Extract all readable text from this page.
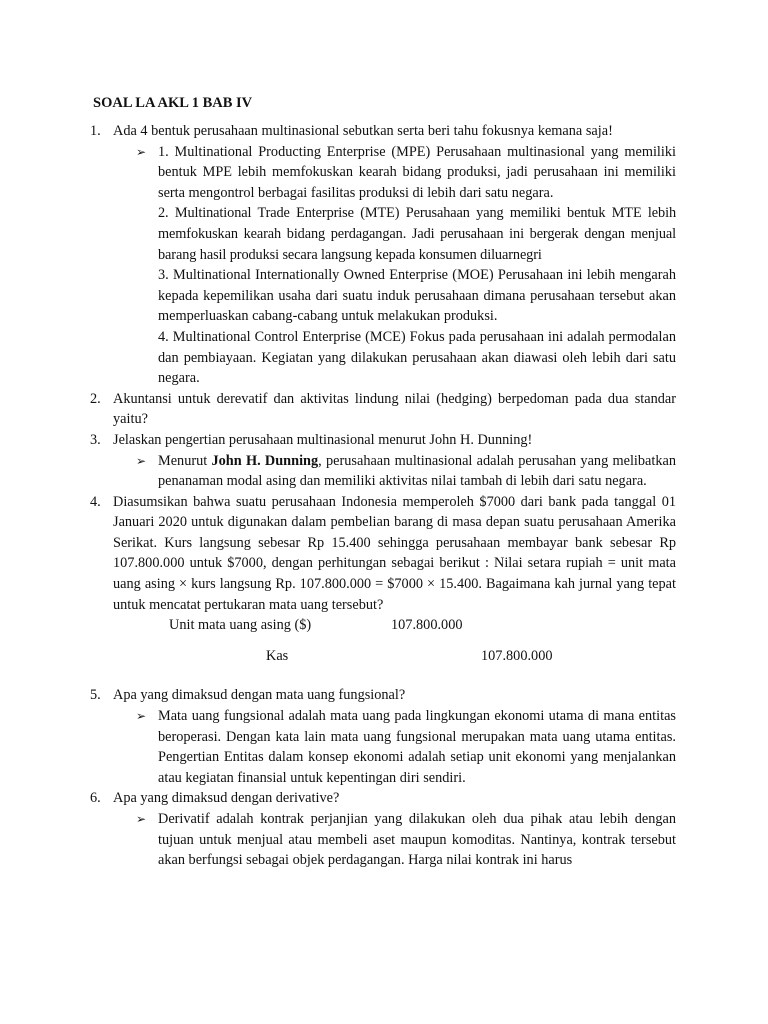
SOAL LA AKL 1 BAB IV
1. Ada 4 bentuk perusahaan multinasional sebutkan serta beri tahu fokusnya kemana saja!
➢ 1. Multinational Producting Enterprise (MPE) Perusahaan multinasional yang memiliki bentuk MPE lebih memfokuskan kearah bidang produksi, jadi perusahaan ini memiliki serta mengontrol berbagai fasilitas produksi di lebih dari satu negara.
2. Multinational Trade Enterprise (MTE) Perusahaan yang memiliki bentuk MTE lebih memfokuskan kearah bidang perdagangan. Jadi perusahaan ini bergerak dengan menjual barang hasil produksi secara langsung kepada konsumen diluarnegri
3. Multinational Internationally Owned Enterprise (MOE) Perusahaan ini lebih mengarah kepada kepemilikan usaha dari suatu induk perusahaan dimana perusahaan tersebut akan memperluaskan cabang-cabang untuk melakukan produksi.
4. Multinational Control Enterprise (MCE) Fokus pada perusahaan ini adalah permodalan dan pembiayaan. Kegiatan yang dilakukan perusahaan akan diawasi oleh lebih dari satu negara.
2. Akuntansi untuk derevatif dan aktivitas lindung nilai (hedging) berpedoman pada dua standar yaitu?
3. Jelaskan pengertian perusahaan multinasional menurut John H. Dunning!
➢ Menurut John H. Dunning, perusahaan multinasional adalah perusahan yang melibatkan penanaman modal asing dan memiliki aktivitas nilai tambah di lebih dari satu negara.
4. Diasumsikan bahwa suatu perusahaan Indonesia memperoleh $7000 dari bank pada tanggal 01 Januari 2020 untuk digunakan dalam pembelian barang di masa depan suatu perusahaan Amerika Serikat. Kurs langsung sebesar Rp 15.400 sehingga perusahaan membayar bank sebesar Rp 107.800.000 untuk $7000, dengan perhitungan sebagai berikut : Nilai setara rupiah = unit mata uang asing × kurs langsung Rp. 107.800.000 = $7000 × 15.400. Bagaimana kah jurnal yang tepat untuk mencatat pertukaran mata uang tersebut?
Unit mata uang asing ($)	107.800.000
Kas	107.800.000
5. Apa yang dimaksud dengan mata uang fungsional?
➢ Mata uang fungsional adalah mata uang pada lingkungan ekonomi utama di mana entitas beroperasi. Dengan kata lain mata uang fungsional merupakan mata uang utama entitas. Pengertian Entitas dalam konsep ekonomi adalah setiap unit ekonomi yang menjalankan atau kegiatan finansial untuk kepentingan diri sendiri.
6. Apa yang dimaksud dengan derivative?
➢ Derivatif adalah kontrak perjanjian yang dilakukan oleh dua pihak atau lebih dengan tujuan untuk menjual atau membeli aset maupun komoditas. Nantinya, kontrak tersebut akan berfungsi sebagai objek perdagangan. Harga nilai kontrak ini harus
